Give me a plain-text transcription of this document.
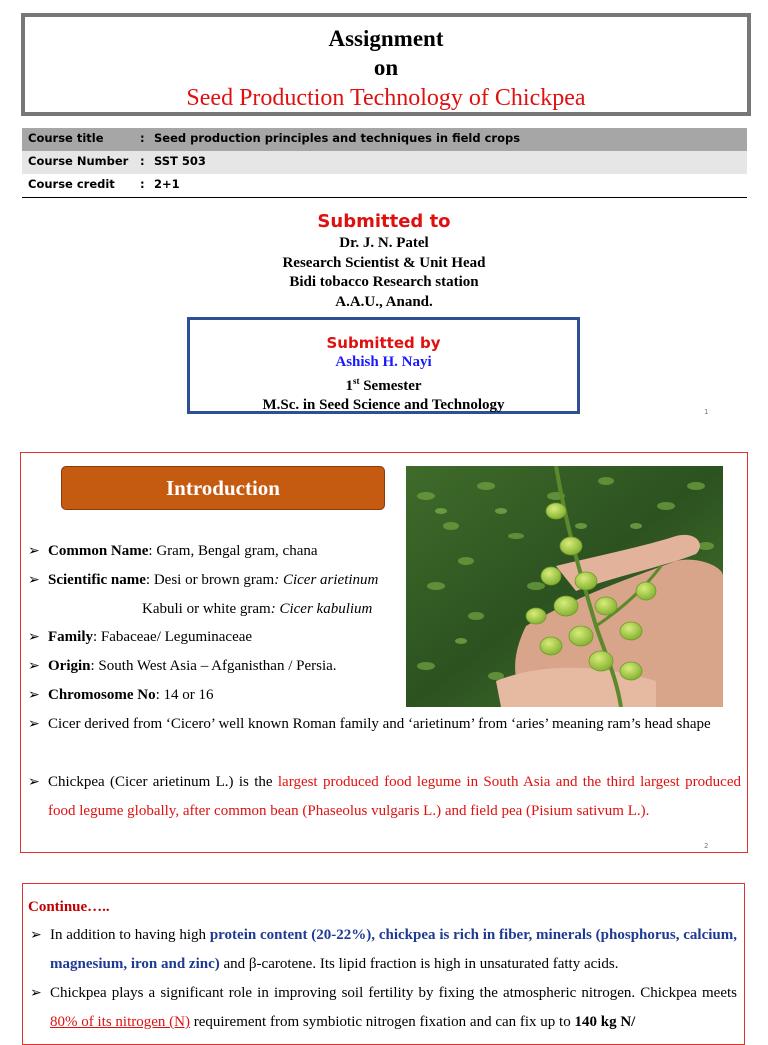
Assignment
on
Seed Production Technology of Chickpea
Course title	: Seed production principles and techniques in field crops
Course Number	: SST 503
Course credit	: 2+1
Submitted to
Dr. J. N. Patel
Research Scientist & Unit Head
Bidi tobacco Research station
A.A.U., Anand.
Submitted by
Ashish H. Nayi
1st Semester
M.Sc. in Seed Science and Technology	1
Introduction
➢ Common Name: Gram, Bengal gram, chana
➢ Scientific name: Desi or brown gram: Cicer arietinum
Kabuli or white gram: Cicer kabulium
➢ Family: Fabaceae/ Leguminaceae
➢ Origin: South West Asia – Afganisthan / Persia.
➢ Chromosome No: 14 or 16
➢ Cicer derived from ‘Cicero’ well known Roman family and ‘arietinum’ from ‘aries’ meaning ram’s head shape
➢ Chickpea (Cicer arietinum L.) is the largest produced food legume in South Asia and the third largest produced food legume globally, after common bean (Phaseolus vulgaris L.) and field pea (Pisium sativum L.).
2
Continue…..
➢ In addition to having high protein content (20-22%), chickpea is rich in fiber, minerals (phosphorus, calcium, magnesium, iron and zinc) and β-carotene. Its lipid fraction is high in unsaturated fatty acids.
➢ Chickpea plays a significant role in improving soil fertility by fixing the atmospheric nitrogen. Chickpea meets 80% of its nitrogen (N) requirement from symbiotic nitrogen fixation and can fix up to 140 kg N/
